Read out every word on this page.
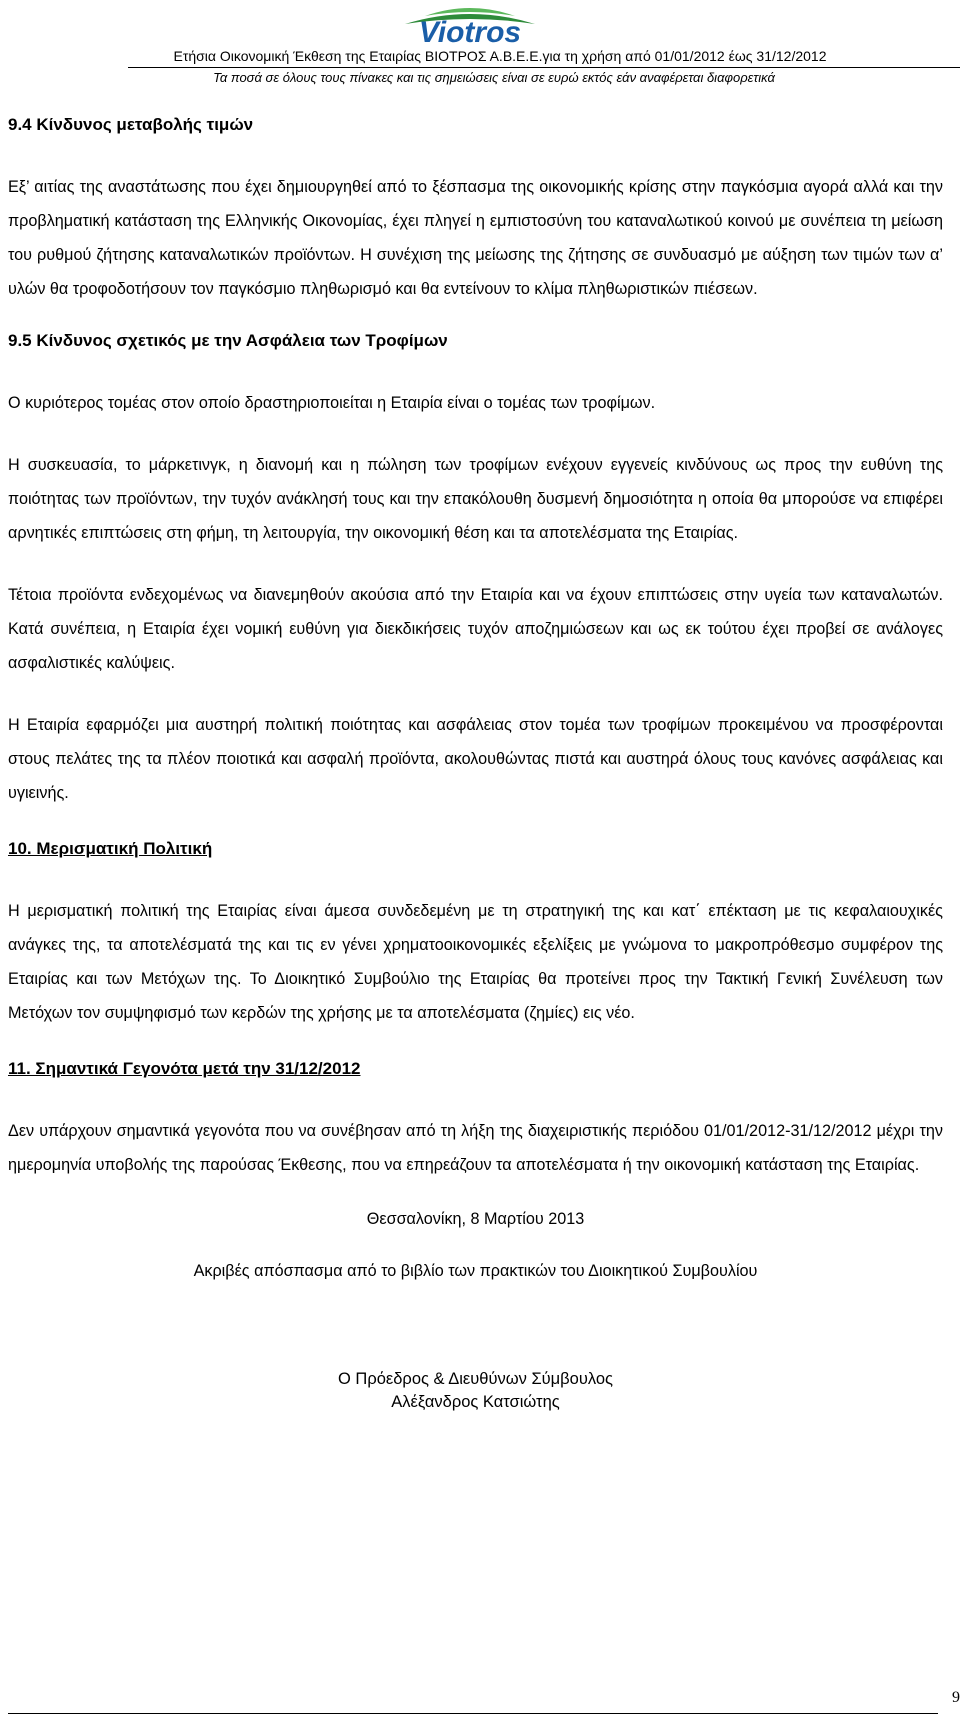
Viotros
Ετήσια Οικονομική Έκθεση της Εταιρίας ΒΙΟΤΡΟΣ Α.Β.Ε.Ε.για τη χρήση από 01/01/2012 έως 31/12/2012
Τα ποσά σε όλους τους πίνακες και τις σημειώσεις είναι σε ευρώ εκτός εάν αναφέρεται διαφορετικά
9.4 Κίνδυνος μεταβολής τιμών

Εξ’ αιτίας της αναστάτωσης που έχει δημιουργηθεί από το ξέσπασμα της οικονομικής κρίσης στην παγκόσμια αγορά αλλά και την προβληματική κατάσταση της Ελληνικής Οικονομίας, έχει πληγεί η εμπιστοσύνη του καταναλωτικού κοινού με συνέπεια τη μείωση του ρυθμού ζήτησης καταναλωτικών προϊόντων. Η συνέχιση της μείωσης της ζήτησης σε συνδυασμό με αύξηση των τιμών των α’ υλών θα τροφοδοτήσουν τον παγκόσμιο πληθωρισμό και θα εντείνουν το κλίμα πληθωριστικών πιέσεων.

9.5 Κίνδυνος σχετικός με την Ασφάλεια των Τροφίμων

Ο κυριότερος τομέας στον οποίο δραστηριοποιείται η Εταιρία είναι ο τομέας των τροφίμων.

Η συσκευασία, το μάρκετινγκ, η διανομή και η πώληση των τροφίμων ενέχουν εγγενείς κινδύνους ως προς την ευθύνη της ποιότητας των προϊόντων, την τυχόν ανάκλησή τους και την επακόλουθη δυσμενή δημοσιότητα η οποία θα μπορούσε να επιφέρει αρνητικές επιπτώσεις στη φήμη, τη λειτουργία, την οικονομική θέση και τα αποτελέσματα της Εταιρίας.

Τέτοια προϊόντα ενδεχομένως να διανεμηθούν ακούσια από την Εταιρία και να έχουν επιπτώσεις στην υγεία των καταναλωτών. Κατά συνέπεια, η Εταιρία έχει νομική ευθύνη για διεκδικήσεις τυχόν αποζημιώσεων και ως εκ τούτου έχει προβεί σε ανάλογες ασφαλιστικές καλύψεις.

Η Εταιρία εφαρμόζει μια αυστηρή πολιτική ποιότητας και ασφάλειας στον τομέα των τροφίμων προκειμένου να προσφέρονται στους πελάτες της τα πλέον ποιοτικά και ασφαλή προϊόντα, ακολουθώντας πιστά και αυστηρά όλους τους κανόνες ασφάλειας και υγιεινής.

10. Μερισματική Πολιτική

Η μερισματική πολιτική της Εταιρίας είναι άμεσα συνδεδεμένη με τη στρατηγική της και κατ΄ επέκταση με τις κεφαλαιουχικές ανάγκες της, τα αποτελέσματά της και τις εν γένει χρηματοοικονομικές εξελίξεις με γνώμονα το μακροπρόθεσμο συμφέρον της Εταιρίας και των Μετόχων της. Το Διοικητικό Συμβούλιο της Εταιρίας θα προτείνει προς την Τακτική Γενική Συνέλευση των Μετόχων τον συμψηφισμό των κερδών της χρήσης με τα αποτελέσματα (ζημίες) εις νέο.

11. Σημαντικά Γεγονότα μετά την 31/12/2012

Δεν υπάρχουν σημαντικά γεγονότα που να συνέβησαν από τη λήξη της διαχειριστικής περιόδου 01/01/2012-31/12/2012 μέχρι την ημερομηνία υποβολής της παρούσας Έκθεσης, που να επηρεάζουν τα αποτελέσματα ή την οικονομική κατάσταση της Εταιρίας.

Θεσσαλονίκη, 8 Μαρτίου 2013

Ακριβές απόσπασμα από το βιβλίο των πρακτικών του Διοικητικού Συμβουλίου

Ο Πρόεδρος & Διευθύνων Σύμβουλος

Αλέξανδρος Κατσιώτης

9
